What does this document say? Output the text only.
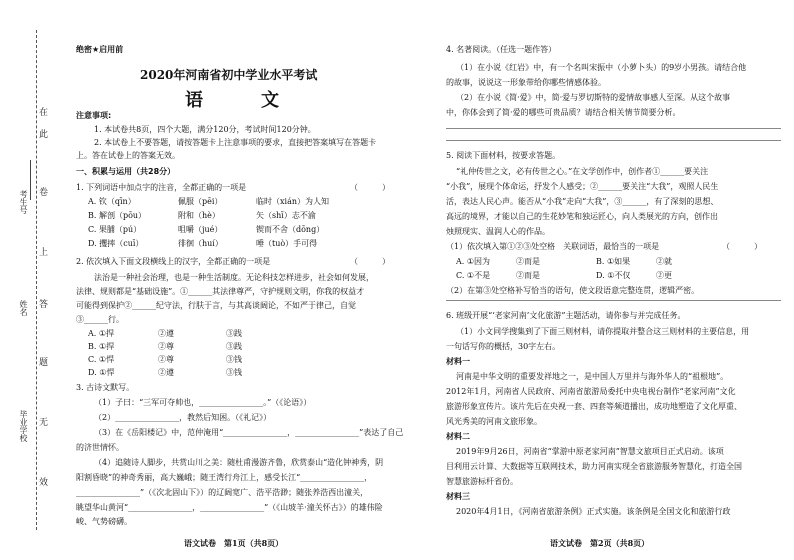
考生号
姓名
毕业学校
在
此
卷
上
答
题
无
效
绝密★启用前
2020年河南省初中学业水平考试
语　文
注意事项:
1. 本试卷共8页，四个大题，满分120分，考试时间120分钟。
2. 本试卷上不要答题，请按答题卡上注意事项的要求，直接把答案填写在答题卡
上。答在试卷上的答案无效。
一、积累与运用（共28分）
1. 下列词语中加点字的注音，全都正确的一项是	（　　　）
A. 钦（qīn）	佩服（pēi）	临时（xián）为人知
B. 解剖（pōu）	附和（hè）	矢（shī）志不渝
C. 果脯（pú）	咀嚼（jué）	锲而不舍（dōng）
D. 攫摔（cuī）	徘徊（huí）	唾（tuò）手可得
2. 依次填入下面文段横线上的汉字，全都正确的一项是	（　　　）
法治是一种社会治理，也是一种生活制度。无论科技怎样进步，社会如何发展，
法律、规则都是“基础设施”。①______其法律尊严，守护规则文明，你我的权益才
可能得到保护②______纪守法，行肤于言，与其高谈阔论，不如严于律己，自觉
③______行。
A. ①捍	②遵	③践
B. ①捍	②尊	③践
C. ①悍	②尊	③钱
D. ①悍	②遵	③钱
3. 古诗文默写。
（1）子曰：“三军可夺帅也，________________。”（《论语》）
（2）________________，教然后知困。（《礼记》）
（3）在《岳阳楼记》中，范仲淹用“________________，________________”表达了自己
的济世情怀。
（4）追随诗人脚步，共赏山川之美：随杜甫漫游齐鲁，欣赏泰山“造化钟神秀，阴
阳割昏晓”的神奇秀丽，高大巍峨；随王湾行舟江上，感受长江“________________，
________________”（《次北固山下》）的辽阔宽广、浩平浩渺；随张养浩西出潼关，
眺望华山黄河“________________，________________”（《山坡羊·潼关怀古》）的雄伟险
峻、气势磅礴。
语文试卷　第1页（共8页）
4. 名著阅读。（任选一题作答）
（1）在小说《红岩》中，有一个名叫宋振中（小萝卜头）的9岁小男孩。请结合他
的故事，说说这一形象带给你哪些情感体验。
（2）在小说《简·爱》中，简·爱与罗切斯特的爱情故事感人至深。从这个故事
中，你体会到了简·爱的哪些可贵品质？请结合相关情节简要分析。
5. 阅读下面材料，按要求答题。
“礼仲传世之文，必有传世之心。”在文学创作中，创作者①______要关注
“小我”，展现个体命运，抒发个人感受；②______要关注“大我”，观照人民生
活，表达人民心声。能否从“小我”走向“大我”，③______，有了深刻的思想、
高远的境界，才能以自己的生花妙笔和独运匠心，向人类展光的方向，创作出
烛照现实、温润人心的作品。
（1）依次填入第①②③处空格　关联词语，最恰当的一项是	（　　　）
A. ①因为	②而是	B. ①如果	②就
C. ①不是	②而是	D. ①不仅	②更
（2）在第③处空格补写恰当的语句，使文段语意完整连贯，逻辑严密。
6. 班级开展“‘老家河南’文化旅游”主题活动，请你参与并完成任务。
（1）小文同学搜集到了下面三则材料，请你提取并整合这三则材料的主要信息，用
一句话写你的概括，30字左右。
材料一
河南是中华文明的重要发祥地之一，是中国人万里并与海外华人的“祖根地”。
2012年1月，河南省人民政府、河南省旅游局委托中央电视台制作“老家河南”文化
旅游形象宣传片。该片先后在央视一套、四套等频道播出，成功地塑造了文化厚重、
风光秀美的河南文旅形象。
材料二
2019年9月26日，河南省“掌游中原老家河南”智慧文旅项目正式启动。该项
目利用云计算、大数据等互联网技术，助力河南实现全省旅游服务智慧化，打造全国
智慧旅游标杆省份。
材料三
2020年4月1日，《河南省旅游条例》正式实施。该条例是全国文化和旅游行政
语文试卷　第2页（共8页）
